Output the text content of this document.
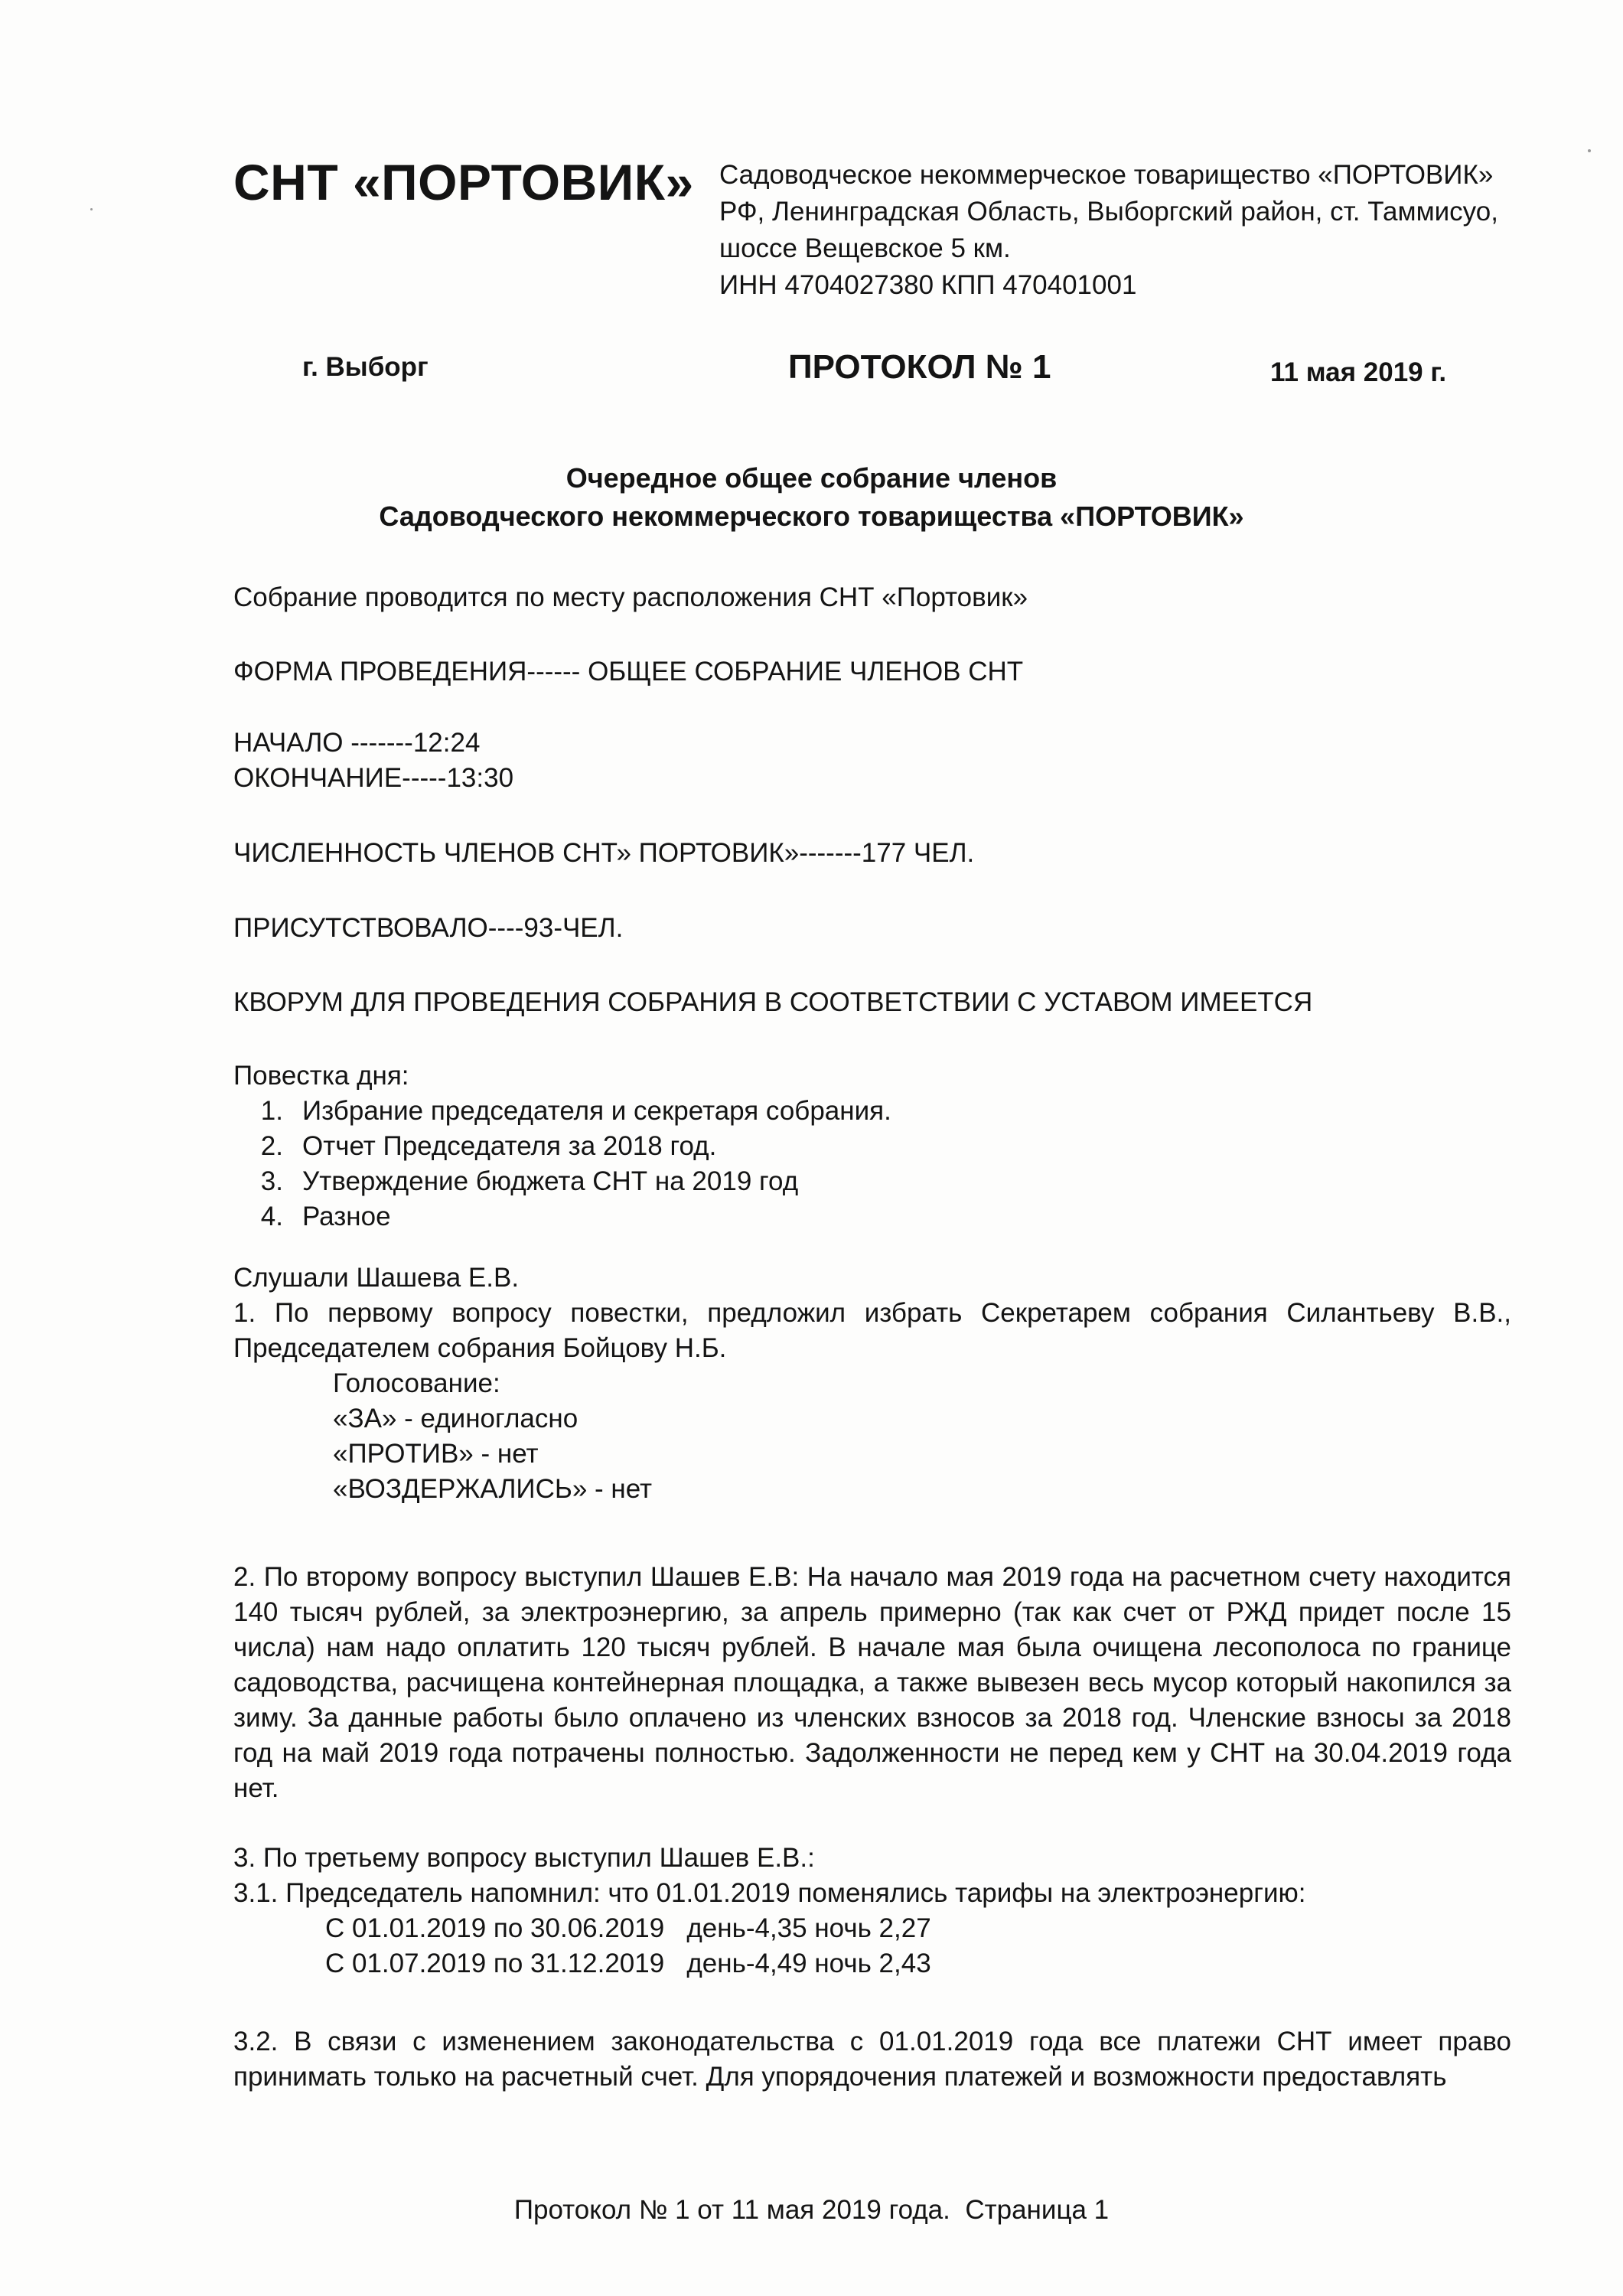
СНТ «ПОРТОВИК» Садоводческое некоммерческое товарищество «ПОРТОВИК»
РФ, Ленинградская Область, Выборгский район, ст. Таммисуо,
шоссе Вещевское 5 км.
ИНН 4704027380 КПП 470401001
г. Выборг	ПРОТОКОЛ № 1	11 мая 2019 г.
Очередное общее собрание членов
Садоводческого некоммерческого товарищества «ПОРТОВИК»
Собрание проводится по месту расположения СНТ «Портовик»
ФОРМА ПРОВЕДЕНИЯ------ ОБЩЕЕ СОБРАНИЕ ЧЛЕНОВ СНТ
НАЧАЛО -------12:24
ОКОНЧАНИЕ-----13:30
ЧИСЛЕННОСТЬ ЧЛЕНОВ СНТ» ПОРТОВИК»-------177 ЧЕЛ.
ПРИСУТСТВОВАЛО----93-ЧЕЛ.
КВОРУМ ДЛЯ ПРОВЕДЕНИЯ СОБРАНИЯ В СООТВЕТСТВИИ С УСТАВОМ ИМЕЕТСЯ
Повестка дня:
1. Избрание председателя и секретаря собрания.
2. Отчет Председателя за 2018 год.
3. Утверждение бюджета СНТ на 2019 год
4. Разное
Слушали Шашева Е.В.
1. По первому вопросу повестки, предложил избрать Секретарем собрания Силантьеву В.В., Председателем собрания Бойцову Н.Б.
Голосование:
«ЗА» - единогласно
«ПРОТИВ» - нет
«ВОЗДЕРЖАЛИСЬ» - нет
2. По второму вопросу выступил Шашев Е.В: На начало мая 2019 года на расчетном счету находится 140 тысяч рублей, за электроэнергию, за апрель примерно (так как счет от РЖД придет после 15 числа) нам надо оплатить 120 тысяч рублей. В начале мая была очищена лесополоса по границе садоводства, расчищена контейнерная площадка, а также вывезен весь мусор который накопился за зиму. За данные работы было оплачено из членских взносов за 2018 год. Членские взносы за 2018 год на май 2019 года потрачены полностью. Задолженности не перед кем у СНТ на 30.04.2019 года нет.
3. По третьему вопросу выступил Шашев Е.В.:
3.1. Председатель напомнил: что 01.01.2019 поменялись тарифы на электроэнергию:
С 01.01.2019 по 30.06.2019   день-4,35 ночь 2,27
С 01.07.2019 по 31.12.2019   день-4,49 ночь 2,43
3.2. В связи с изменением законодательства с 01.01.2019 года все платежи СНТ имеет право принимать только на расчетный счет. Для упорядочения платежей и возможности предоставлять
Протокол № 1 от 11 мая 2019 года.  Страница 1
